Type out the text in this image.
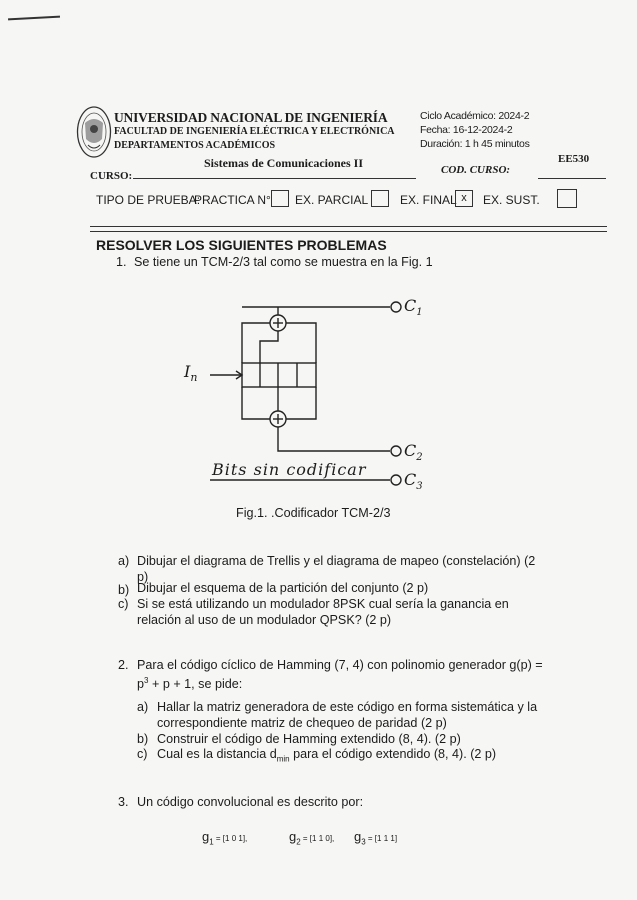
UNIVERSIDAD NACIONAL DE INGENIERÍA
FACULTAD DE INGENIERÍA ELÉCTRICA Y ELECTRÓNICA
DEPARTAMENTOS ACADÉMICOS
Ciclo Académico: 2024-2
Fecha: 16-12-2024-2
Duración: 1 h 45 minutos
Sistemas de Comunicaciones II	EE530
CURSO:	COD. CURSO:
TIPO DE PRUEBA:
PRACTICA N° EX. PARCIAL	EX. FINAL x	EX. SUST.
RESOLVER LOS SIGUIENTES PROBLEMAS
1. Se tiene un TCM-2/3 tal como se muestra en la Fig. 1
$I_n$
$C_1$
$C_2$
$C_3$
Bits sin codificar
Fig.1. .Codificador TCM-2/3
a) Dibujar el diagrama de Trellis y el diagrama de mapeo (constelación) (2
p)
b) Dibujar el esquema de la partición del conjunto (2 p)
c) Si se está utilizando un modulador 8PSK cual sería la ganancia en
relación al uso de un modulador QPSK? (2 p)
2. Para el código cíclico de Hamming (7, 4) con polinomio generador g(p) =
$p^3 + p + 1$, se pide:
a) Hallar la matriz generadora de este código en forma sistemática y la
correspondiente matriz de chequeo de paridad (2 p)
b) Construir el código de Hamming extendido (8, 4). (2 p)
c) Cual es la distancia $d_{min}$ para el código extendido (8, 4). (2 p)
3. Un código convolucional es descrito por:
$g_1 = [1$ 0 1],	$g_2 = [1$ 1 0], $g_3 = [1$ 1 1]
